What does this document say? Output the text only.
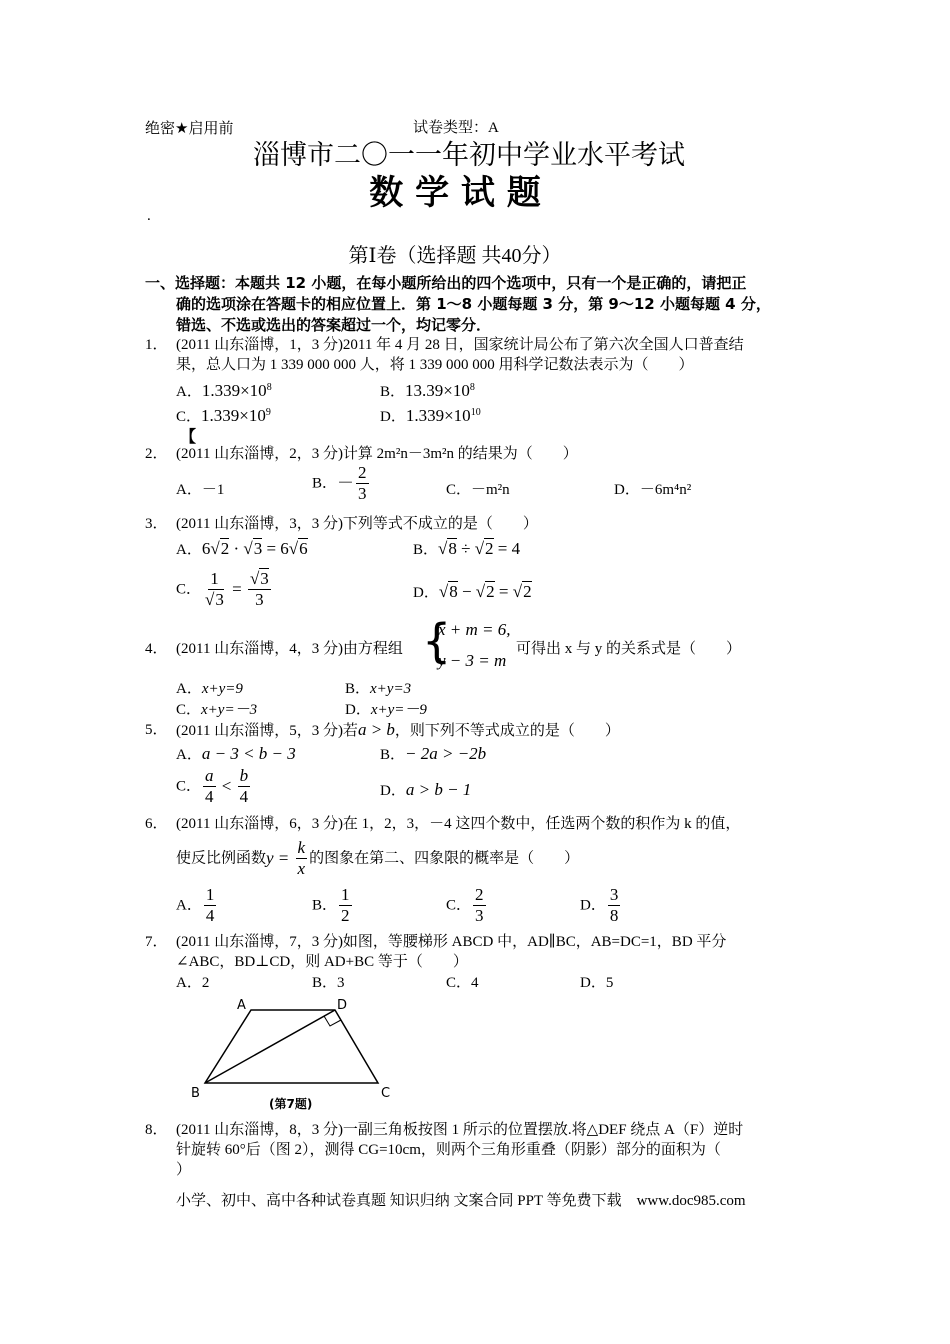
绝密★启用前	试卷类型：A
淄博市二〇一一年初中学业水平考试
数 学 试 题
.
第Ⅰ卷（选择题 共40分）
一、选择题：本题共 12 小题，在每小题所给出的四个选项中，只有一个是正确的，请把正
确的选项涂在答题卡的相应位置上．第 1～8 小题每题 3 分，第 9～12 小题每题 4 分，
错选、不选或选出的答案超过一个，均记零分．
1． (2011 山东淄博，1，3 分)2011 年 4 月 28 日，国家统计局公布了第六次全国人口普查结
果，总人口为 1 339 000 000 人，将 1 339 000 000 用科学记数法表示为（　　）
A．$1.339\times 10^8$	B．$13.39\times 10^8$
C．$1.339\times 10^9$	D．$1.339\times 10^{10}$
【
2． (2011 山东淄博，2，3 分)计算 2m²n－3m²n 的结果为（　　）
A．－1	B．－ $\frac{2}{3}$	C．－m²n	D．－6m⁴n²
3． (2011 山东淄博，3，3 分)下列等式不成立的是（　　）
A．6√2 · √3 = 6√6	B．√8 ÷ √2 = 4
C． $\frac{1}{√3} = \frac{√3}{3}$	D．√8 − √2 = √2
4． (2011 山东淄博，4，3 分)由方程组 {
x + m = 6,
y − 3 = m
可得出 x 与 y 的关系式是（　　）
A．x+y=9	B．x+y=3
C．x+y=－3	D．x+y=－9
5． (2011 山东淄博，5，3 分)若a > b，则下列不等式成立的是（　　）
A．a − 3 < b − 3	B．− 2a > −2b
C． $\frac{a}{4} < \frac{b}{4}$	D．a > b − 1
6． (2011 山东淄博，6，3 分)在 1，2，3，－4 这四个数中，任选两个数的积作为 k 的值，
使反比例函数$y = \frac{k}{x}$ 的图象在第二、四象限的概率是（　　）
A． $\frac{1}{4}$	B． $\frac{1}{2}$	C． $\frac{2}{3}$	D． $\frac{3}{8}$
7． (2011 山东淄博，7，3 分)如图，等腰梯形 ABCD 中，AD∥BC，AB=DC=1，BD 平分
∠ABC，BD⊥CD，则 AD+BC 等于（　　）
A．2	B．3	C．4	D．5
A	D
B	C
(第7题)
8． (2011 山东淄博，8，3 分)一副三角板按图 1 所示的位置摆放.将△DEF 绕点 A（F）逆时
针旋转 60°后（图 2），测得 CG=10cm，则两个三角形重叠（阴影）部分的面积为（
）
小学、初中、高中各种试卷真题 知识归纳 文案合同 PPT 等免费下载　www.doc985.com
